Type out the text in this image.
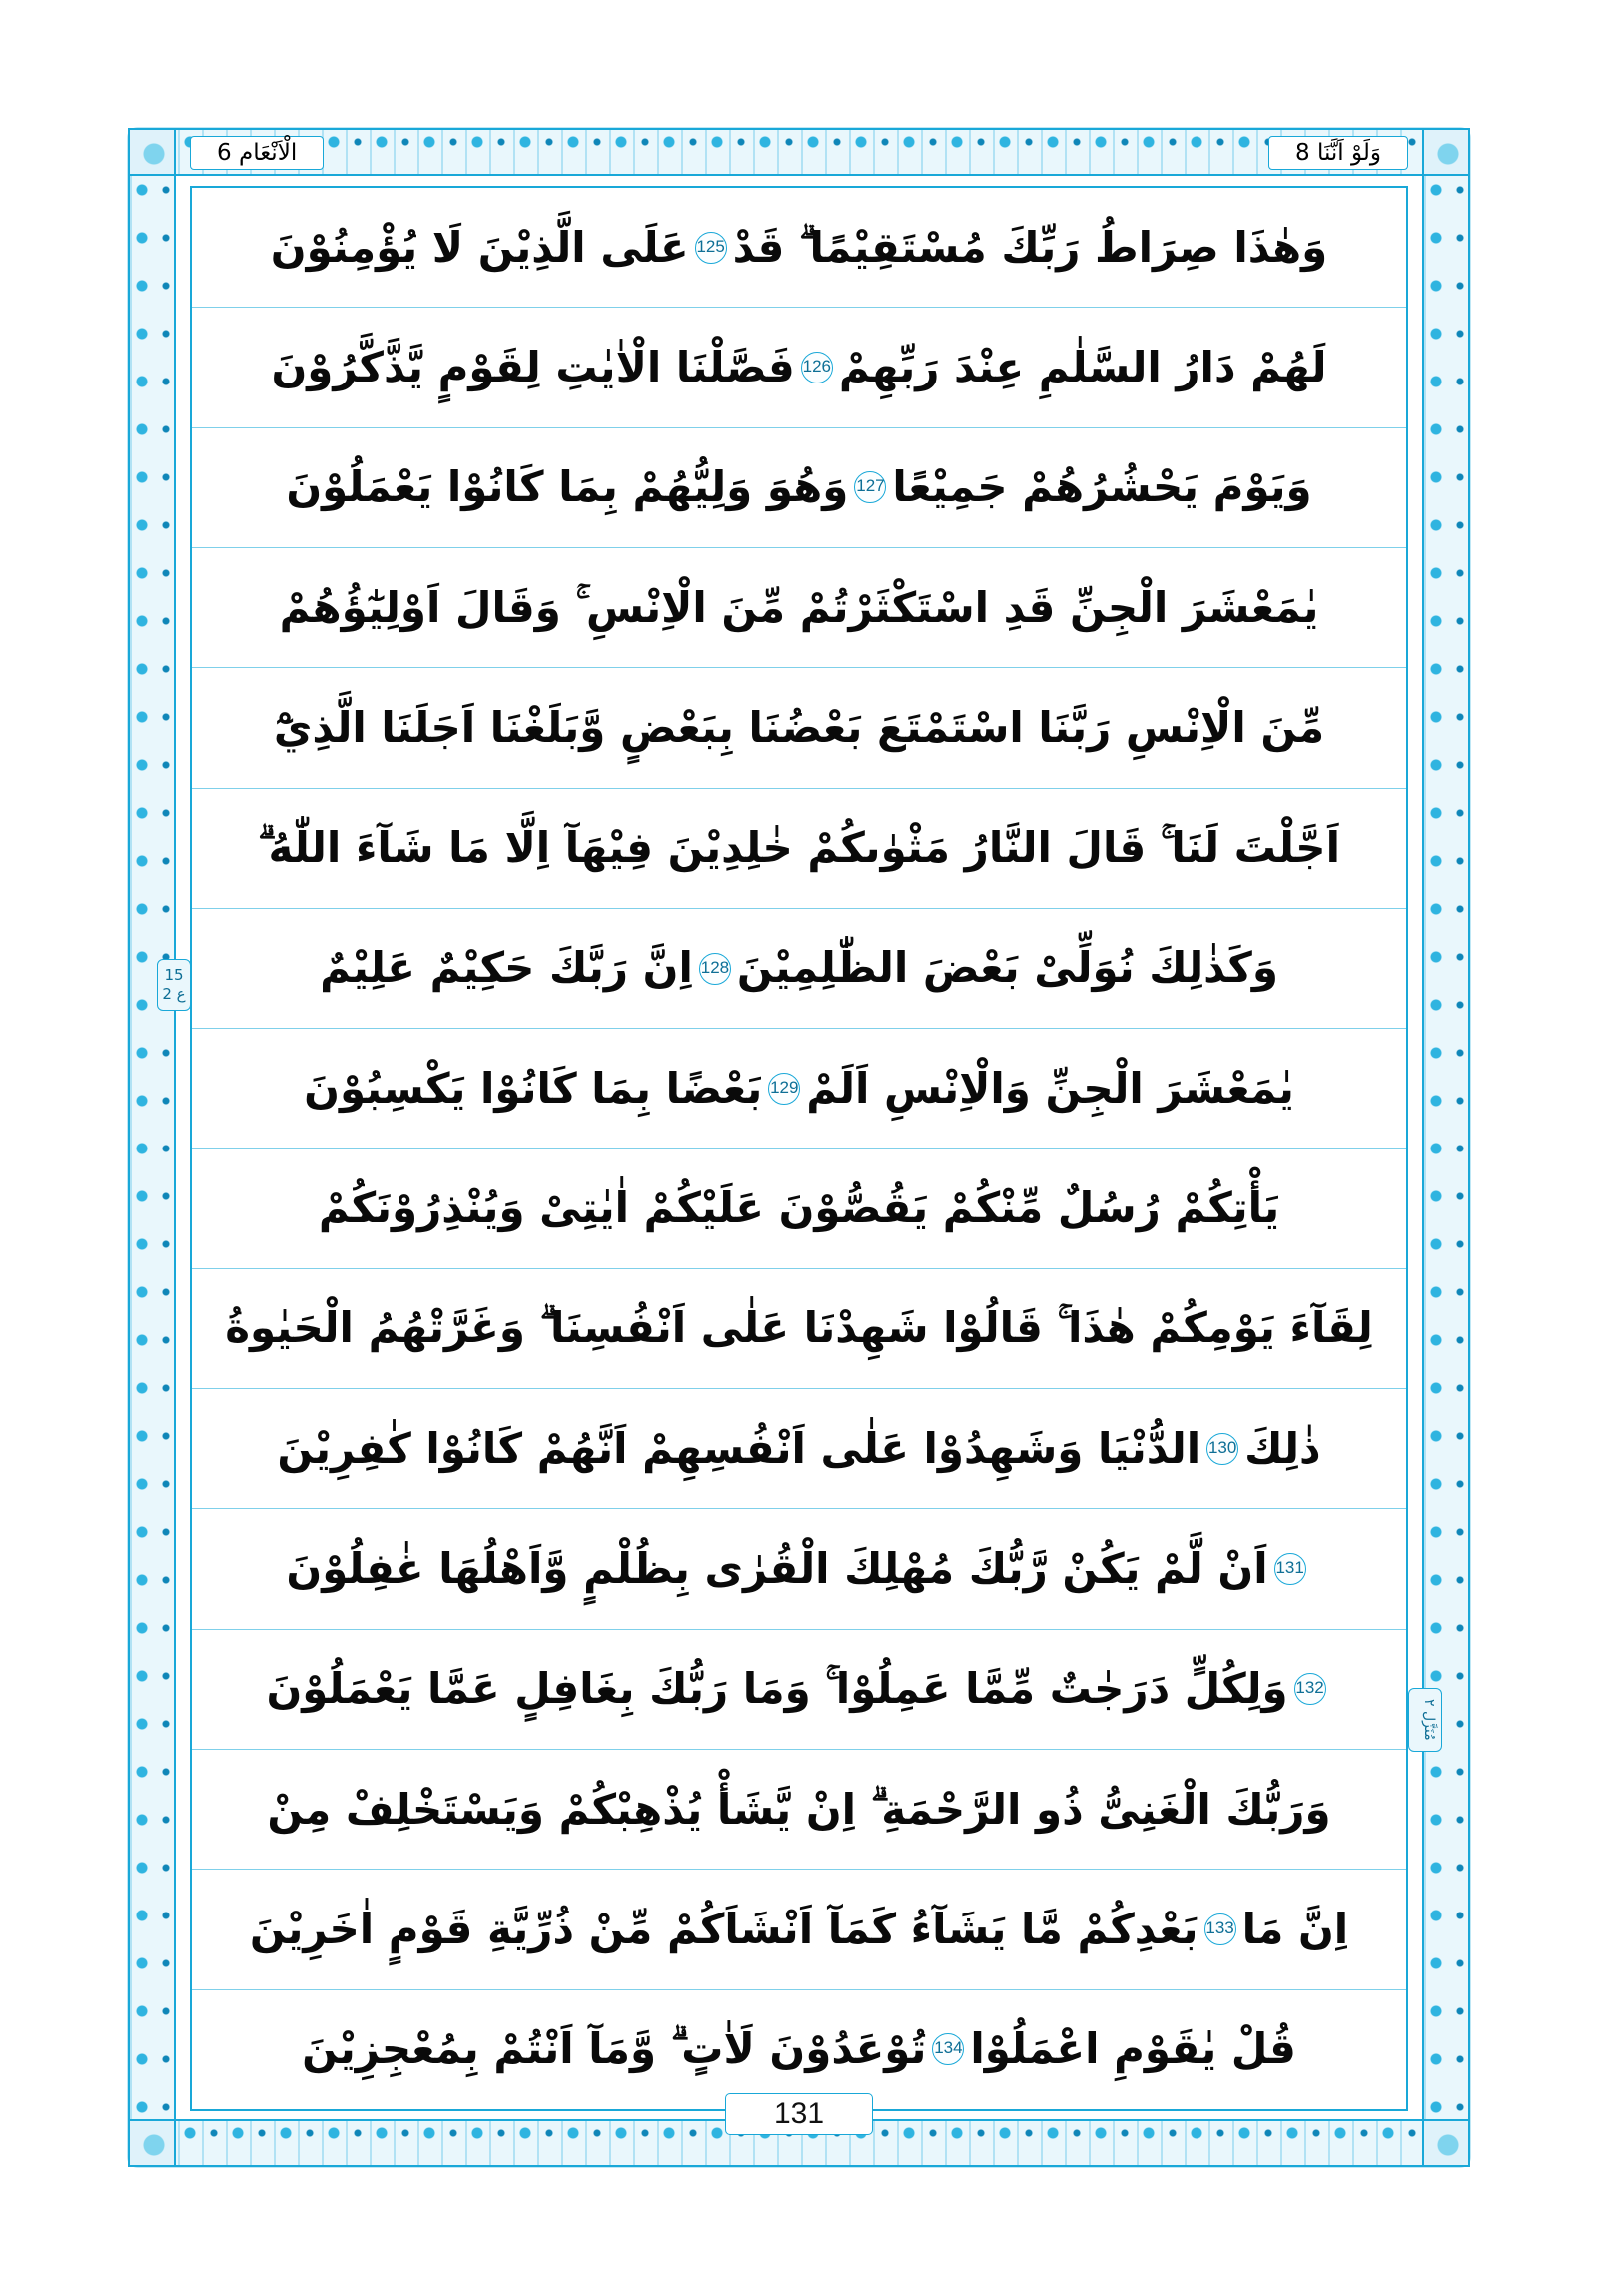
وَلَوْ اَنَّنَا 8
الْاَنْعَام 6
وَهٰذَا صِرَاطُ رَبِّكَ مُسْتَقِيْمًا ۗ قَدْ
125
عَلَى الَّذِيْنَ لَا يُؤْمِنُوْنَ
لَهُمْ دَارُ السَّلٰمِ عِنْدَ رَبِّهِمْ
126
فَصَّلْنَا الْاٰيٰتِ لِقَوْمٍ يَّذَّكَّرُوْنَ
وَيَوْمَ يَحْشُرُهُمْ جَمِيْعًا
127
وَهُوَ وَلِيُّهُمْ بِمَا كَانُوْا يَعْمَلُوْنَ
يٰمَعْشَرَ الْجِنِّ قَدِ اسْتَكْثَرْتُمْ مِّنَ الْاِنْسِ ۚ وَقَالَ اَوْلِيٰٓؤُهُمْ
مِّنَ الْاِنْسِ رَبَّنَا اسْتَمْتَعَ بَعْضُنَا بِبَعْضٍ وَّبَلَغْنَا اَجَلَنَا الَّذِيْٓ
اَجَّلْتَ لَنَا ۚ قَالَ النَّارُ مَثْوٰىكُمْ خٰلِدِيْنَ فِيْهَآ اِلَّا مَا شَآءَ اللّٰهُ ۗ
وَكَذٰلِكَ نُوَلِّىْ بَعْضَ الظّٰلِمِيْنَ
128
اِنَّ رَبَّكَ حَكِيْمٌ عَلِيْمٌ
يٰمَعْشَرَ الْجِنِّ وَالْاِنْسِ اَلَمْ
129
بَعْضًا بِمَا كَانُوْا يَكْسِبُوْنَ
يَأْتِكُمْ رُسُلٌ مِّنْكُمْ يَقُصُّوْنَ عَلَيْكُمْ اٰيٰتِىْ وَيُنْذِرُوْنَكُمْ
لِقَآءَ يَوْمِكُمْ هٰذَا ۚ قَالُوْا شَهِدْنَا عَلٰى اَنْفُسِنَا ۗ وَغَرَّتْهُمُ الْحَيٰوةُ
ذٰلِكَ
130
الدُّنْيَا وَشَهِدُوْا عَلٰى اَنْفُسِهِمْ اَنَّهُمْ كَانُوْا كٰفِرِيْنَ
131
اَنْ لَّمْ يَكُنْ رَّبُّكَ مُهْلِكَ الْقُرٰى بِظُلْمٍ وَّاَهْلُهَا غٰفِلُوْنَ
132
وَلِكُلٍّ دَرَجٰتٌ مِّمَّا عَمِلُوْا ۚ وَمَا رَبُّكَ بِغَافِلٍ عَمَّا يَعْمَلُوْنَ
وَرَبُّكَ الْغَنِىُّ ذُو الرَّحْمَةِ ۗ اِنْ يَّشَأْ يُذْهِبْكُمْ وَيَسْتَخْلِفْ مِنْ
اِنَّ مَا
133
بَعْدِكُمْ مَّا يَشَآءُ كَمَآ اَنْشَاَكُمْ مِّنْ ذُرِّيَّةِ قَوْمٍ اٰخَرِيْنَ
قُلْ يٰقَوْمِ اعْمَلُوْا
134
تُوْعَدُوْنَ لَاٰتٍ ۗ وَّمَآ اَنْتُمْ بِمُعْجِزِيْنَ
15 ع 2
مُنَزَّل ٢
131
